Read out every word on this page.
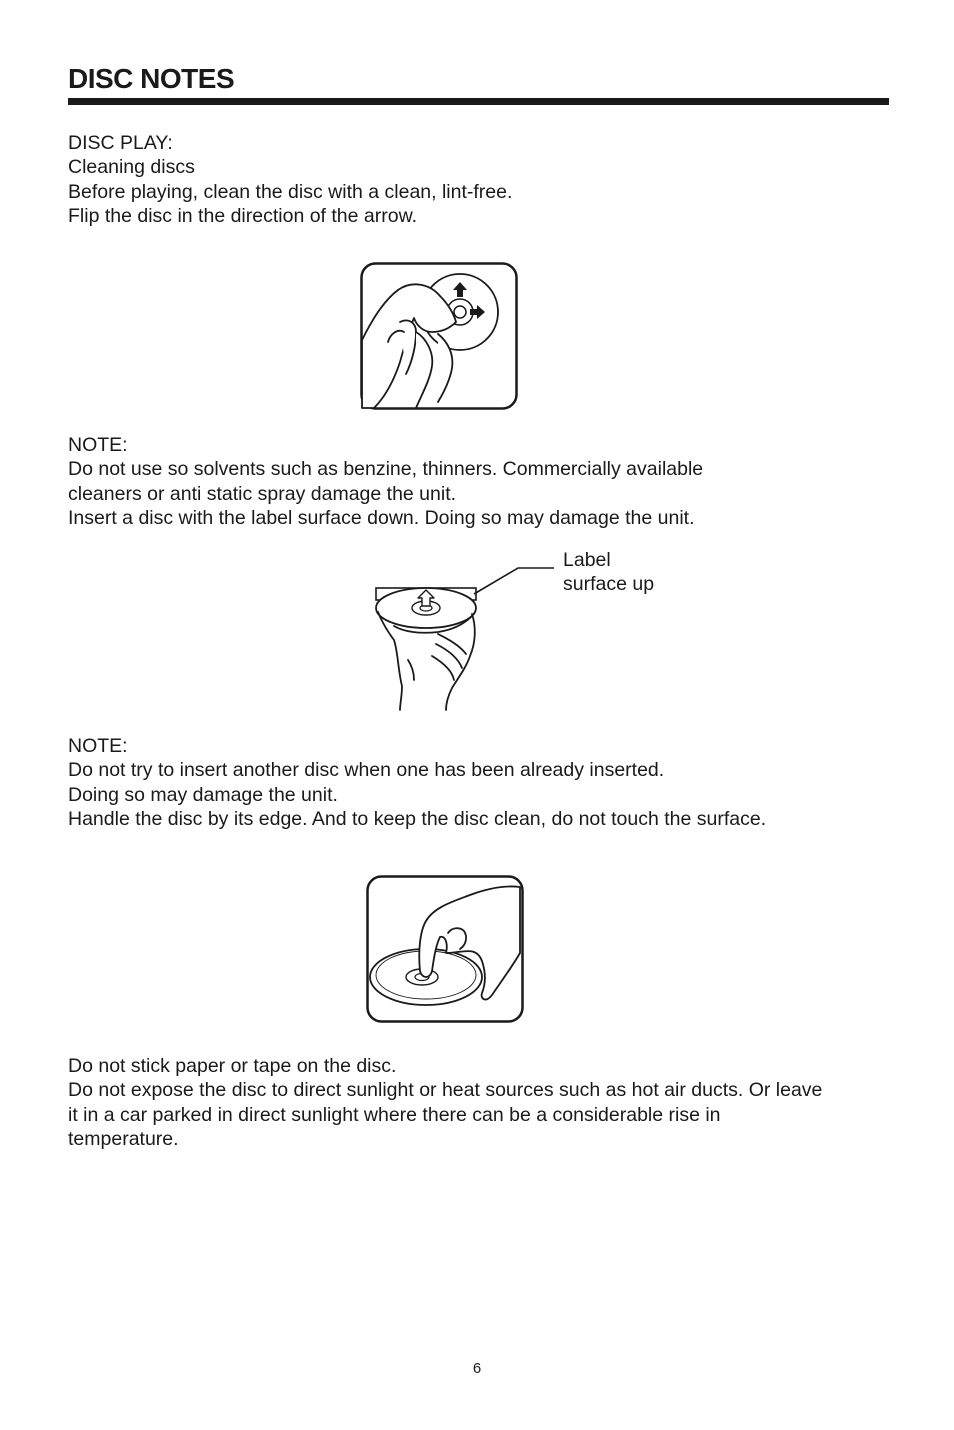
DISC NOTES
DISC PLAY:
Cleaning discs
Before playing, clean the disc with a clean, lint-free.
Flip the disc in the direction of the arrow.
NOTE:
Do not use so solvents such as benzine, thinners. Commercially available
cleaners or anti static spray damage the unit.
Insert a disc with the label surface down. Doing so may damage the unit.
Label
surface up
NOTE:
Do not try to insert another disc when one has been already inserted.
Doing so may damage the unit.
Handle the disc by its edge. And to keep the disc clean, do not touch the surface.
Do not stick paper or tape on the disc.
Do not expose the disc to direct sunlight or heat sources such as hot air ducts. Or leave
it in a car parked in direct sunlight where there can be a considerable rise in
temperature.
6
